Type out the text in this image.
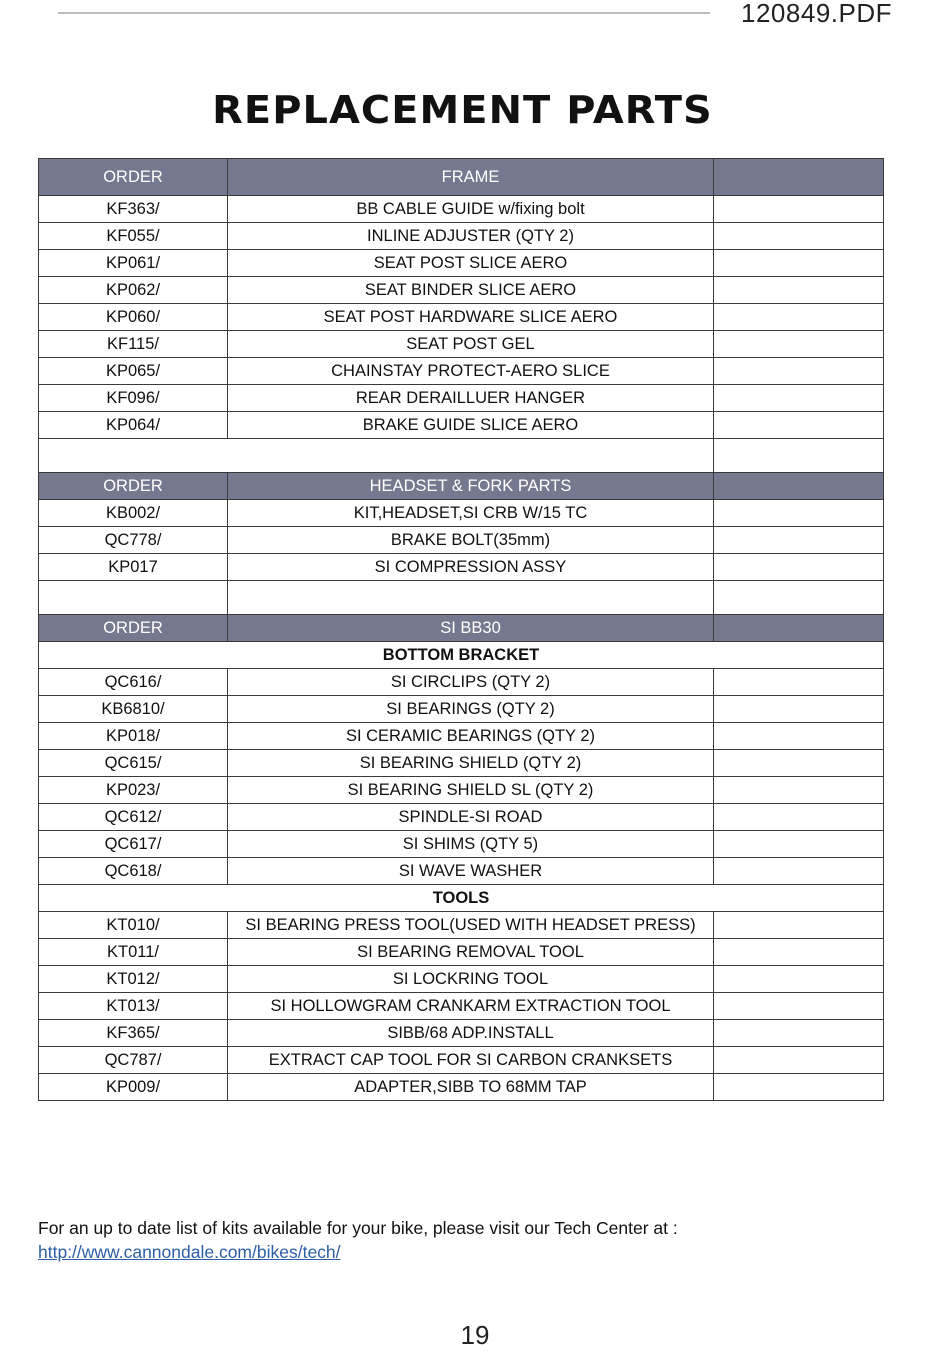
120849.PDF
REPLACEMENT PARTS
ORDER	FRAME	
KF363/	BB CABLE GUIDE w/fixing bolt	
KF055/	INLINE ADJUSTER (QTY 2)	
KP061/	SEAT POST SLICE AERO	
KP062/	SEAT BINDER SLICE AERO	
KP060/	SEAT POST HARDWARE SLICE AERO	
KF115/	SEAT POST GEL	
KP065/	CHAINSTAY PROTECT-AERO SLICE	
KF096/	REAR DERAILLUER HANGER	
KP064/	BRAKE GUIDE SLICE AERO	

ORDER	HEADSET & FORK PARTS	
KB002/	KIT,HEADSET,SI CRB W/15 TC	
QC778/	BRAKE BOLT(35mm)	
KP017	SI COMPRESSION ASSY	

ORDER	SI BB30	
BOTTOM BRACKET		
QC616/	SI CIRCLIPS (QTY 2)	
KB6810/	SI BEARINGS (QTY 2)	
KP018/	SI CERAMIC BEARINGS (QTY 2)	
QC615/	SI BEARING SHIELD (QTY 2)	
KP023/	SI BEARING SHIELD SL (QTY 2)	
QC612/	SPINDLE-SI ROAD	
QC617/	SI SHIMS (QTY 5)	
QC618/	SI WAVE WASHER	
TOOLS		
KT010/	SI BEARING PRESS TOOL(USED WITH HEADSET PRESS)	
KT011/	SI BEARING REMOVAL TOOL	
KT012/	SI LOCKRING TOOL	
KT013/	SI HOLLOWGRAM CRANKARM EXTRACTION TOOL	
KF365/	SIBB/68 ADP.INSTALL	
QC787/	EXTRACT CAP TOOL FOR SI CARBON CRANKSETS	
KP009/	ADAPTER,SIBB TO 68MM TAP	
For an up to date list of kits available for your bike, please visit our Tech Center at : http://www.cannondale.com/bikes/tech/
19
